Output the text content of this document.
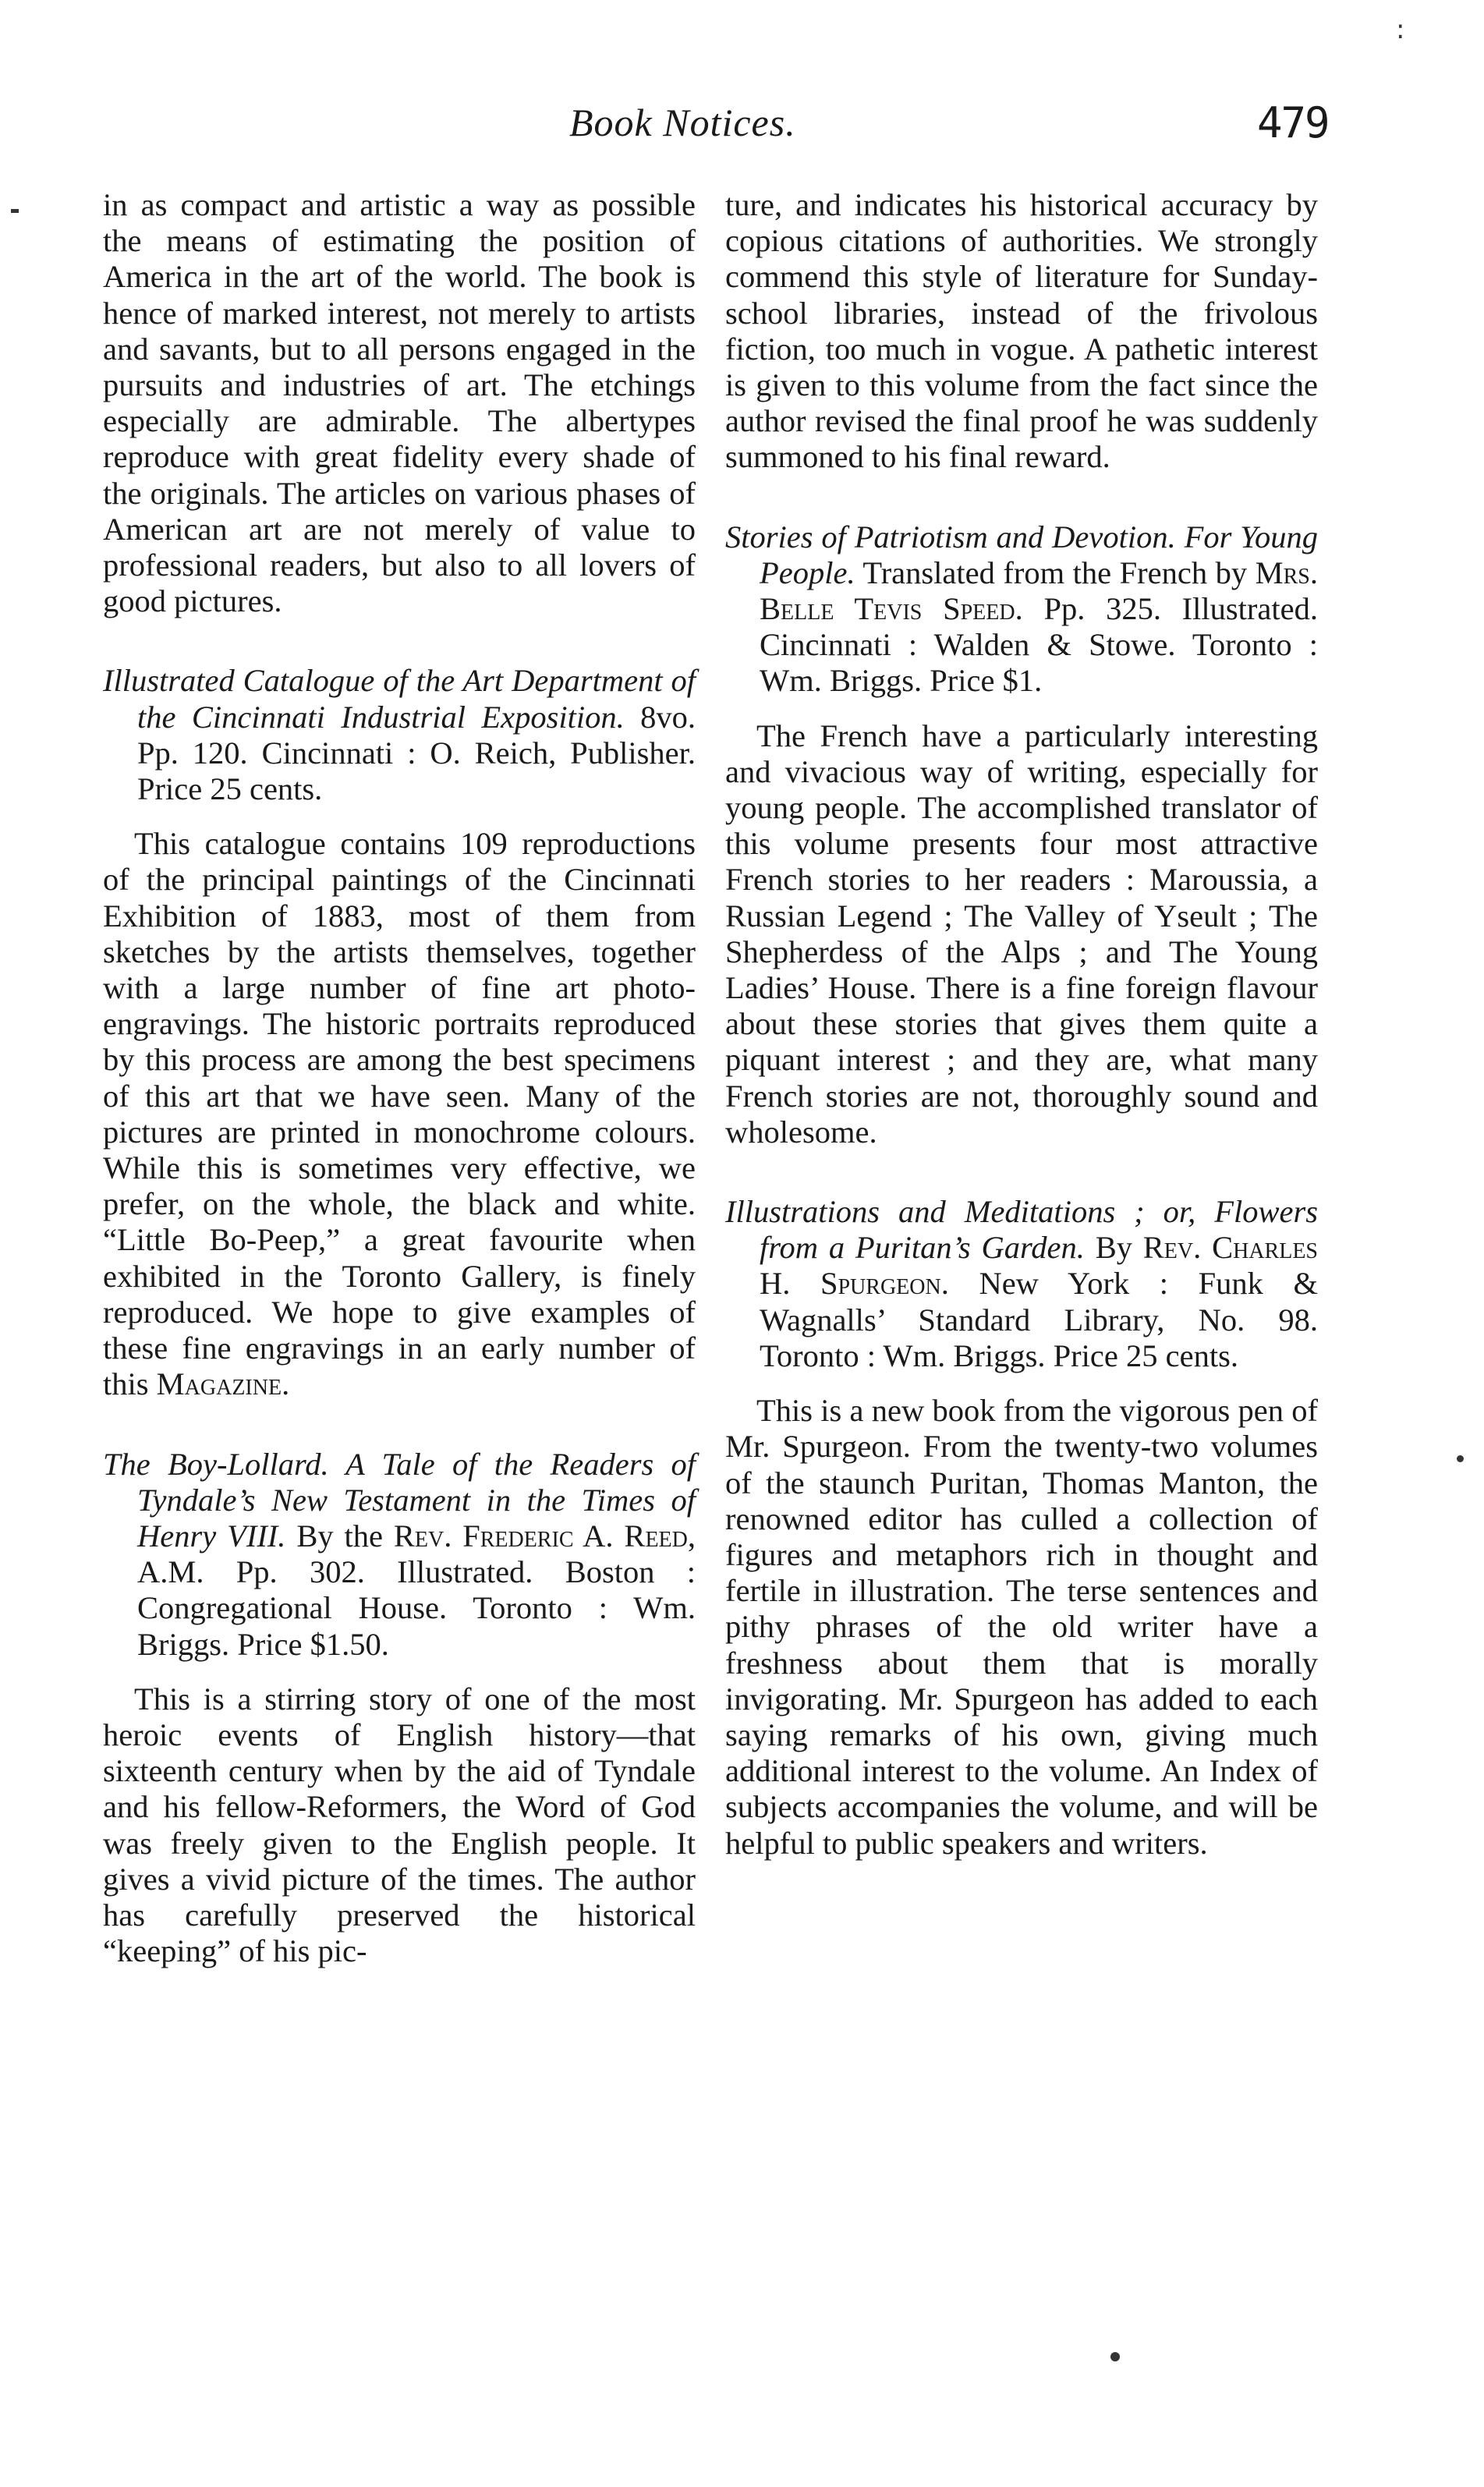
Book Notices.	479
:

in as compact and artistic a way as possible the means of estimating the position of America in the art of the world. The book is hence of marked interest, not merely to artists and savants, but to all persons engaged in the pursuits and industries of art. The etchings especially are admirable. The albertypes reproduce with great fidelity every shade of the originals. The articles on various phases of American art are not merely of value to professional readers, but also to all lovers of good pictures.

Illustrated Catalogue of the Art Department of the Cincinnati Industrial Exposition. 8vo. Pp. 120. Cincinnati : O. Reich, Publisher. Price 25 cents.

This catalogue contains 109 reproductions of the principal paintings of the Cincinnati Exhibition of 1883, most of them from sketches by the artists themselves, together with a large number of fine art photo-engravings. The historic portraits reproduced by this process are among the best specimens of this art that we have seen. Many of the pictures are printed in monochrome colours. While this is sometimes very effective, we prefer, on the whole, the black and white. “Little Bo-Peep,” a great favourite when exhibited in the Toronto Gallery, is finely reproduced. We hope to give examples of these fine engravings in an early number of this Magazine.

The Boy-Lollard. A Tale of the Readers of Tyndale’s New Testament in the Times of Henry VIII. By the Rev. Frederic A. Reed, A.M. Pp. 302. Illustrated. Boston : Congregational House. Toronto : Wm. Briggs. Price $1.50.

This is a stirring story of one of the most heroic events of English history—that sixteenth century when by the aid of Tyndale and his fellow-Reformers, the Word of God was freely given to the English people. It gives a vivid picture of the times. The author has carefully preserved the historical “keeping” of his pic-

ture, and indicates his historical accuracy by copious citations of authorities. We strongly commend this style of literature for Sunday-school libraries, instead of the frivolous fiction, too much in vogue. A pathetic interest is given to this volume from the fact since the author revised the final proof he was suddenly summoned to his final reward.

Stories of Patriotism and Devotion. For Young People. Translated from the French by Mrs. Belle Tevis Speed. Pp. 325. Illustrated. Cincinnati : Walden & Stowe. Toronto : Wm. Briggs. Price $1.

The French have a particularly interesting and vivacious way of writing, especially for young people. The accomplished translator of this volume presents four most attractive French stories to her readers : Maroussia, a Russian Legend ; The Valley of Yseult ; The Shepherdess of the Alps ; and The Young Ladies’ House. There is a fine foreign flavour about these stories that gives them quite a piquant interest ; and they are, what many French stories are not, thoroughly sound and wholesome.

Illustrations and Meditations ; or, Flowers from a Puritan’s Garden. By Rev. Charles H. Spurgeon. New York : Funk & Wagnalls’ Standard Library, No. 98. Toronto : Wm. Briggs. Price 25 cents.

This is a new book from the vigorous pen of Mr. Spurgeon. From the twenty-two volumes of the staunch Puritan, Thomas Manton, the renowned editor has culled a collection of figures and metaphors rich in thought and fertile in illustration. The terse sentences and pithy phrases of the old writer have a freshness about them that is morally invigorating. Mr. Spurgeon has added to each saying remarks of his own, giving much additional interest to the volume. An Index of subjects accompanies the volume, and will be helpful to public speakers and writers.
